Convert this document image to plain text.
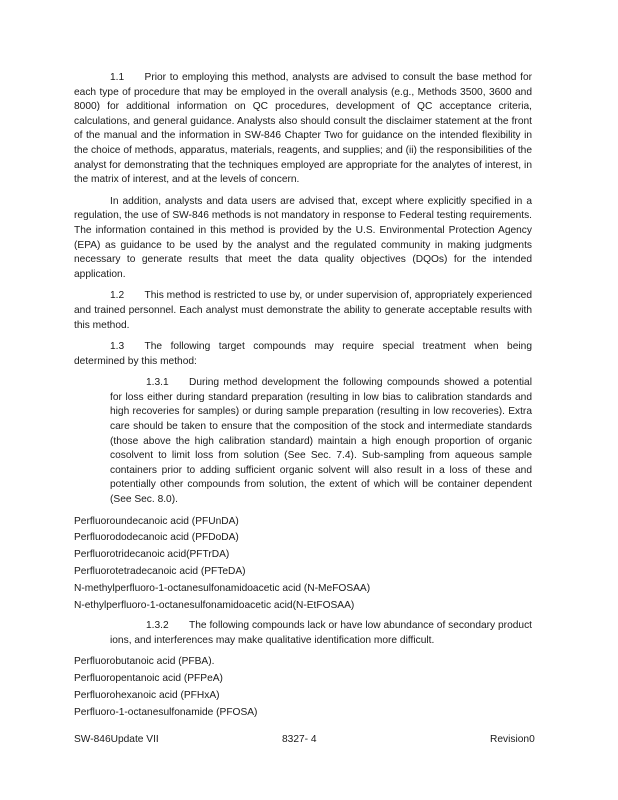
1.1  Prior to employing this method, analysts are advised to consult the base method for each type of procedure that may be employed in the overall analysis (e.g., Methods 3500, 3600 and 8000) for additional information on QC procedures, development of QC acceptance criteria, calculations, and general guidance. Analysts also should consult the disclaimer statement at the front of the manual and the information in SW-846 Chapter Two for guidance on the intended flexibility in the choice of methods, apparatus, materials, reagents, and supplies; and (ii) the responsibilities of the analyst for demonstrating that the techniques employed are appropriate for the analytes of interest, in the matrix of interest, and at the levels of concern.

In addition, analysts and data users are advised that, except where explicitly specified in a regulation, the use of SW-846 methods is not mandatory in response to Federal testing requirements. The information contained in this method is provided by the U.S. Environmental Protection Agency (EPA) as guidance to be used by the analyst and the regulated community in making judgments necessary to generate results that meet the data quality objectives (DQOs) for the intended application.

1.2  This method is restricted to use by, or under supervision of, appropriately experienced and trained personnel. Each analyst must demonstrate the ability to generate acceptable results with this method.

1.3  The following target compounds may require special treatment when being determined by this method:

1.3.1  During method development the following compounds showed a potential for loss either during standard preparation (resulting in low bias to calibration standards and high recoveries for samples) or during sample preparation (resulting in low recoveries). Extra care should be taken to ensure that the composition of the stock and intermediate standards (those above the high calibration standard) maintain a high enough proportion of organic cosolvent to limit loss from solution (See Sec. 7.4). Sub-sampling from aqueous sample containers prior to adding sufficient organic solvent will also result in a loss of these and potentially other compounds from solution, the extent of which will be container dependent (See Sec. 8.0).

Perfluoroundecanoic acid (PFUnDA)

Perfluorododecanoic acid (PFDoDA)

Perfluorotridecanoic acid(PFTrDA)

Perfluorotetradecanoic acid (PFTeDA)

N-methylperfluoro-1-octanesulfonamidoacetic acid (N-MeFOSAA)

N-ethylperfluoro-1-octanesulfonamidoacetic acid(N-EtFOSAA)

1.3.2  The following compounds lack or have low abundance of secondary product ions, and interferences may make qualitative identification more difficult.

Perfluorobutanoic acid (PFBA).

Perfluoropentanoic acid (PFPeA)

Perfluorohexanoic acid (PFHxA)

Perfluoro-1-octanesulfonamide (PFOSA)

SW-846Update VII	8327- 4	Revision0
